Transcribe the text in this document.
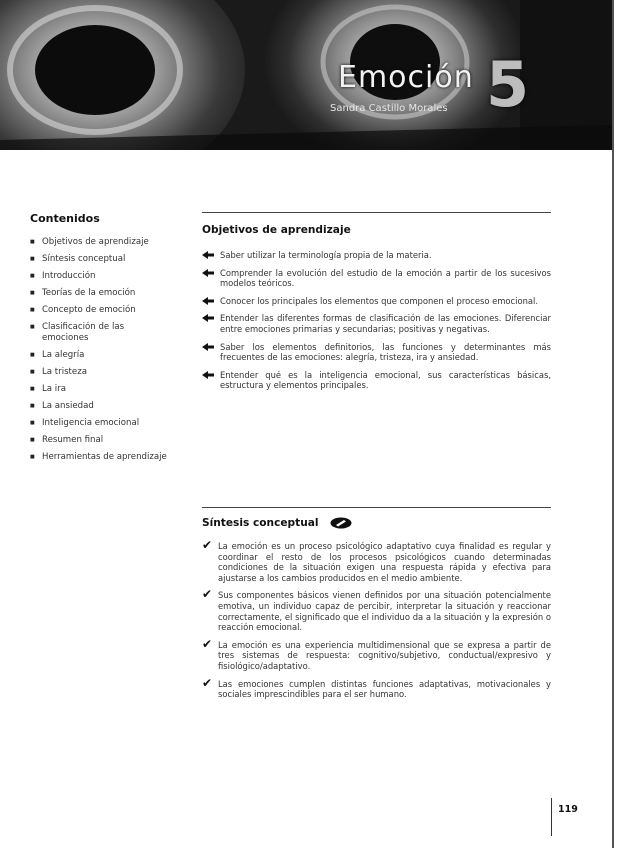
Emoción 5
Sandra Castillo Morales
Contenidos
■ Objetivos de aprendizaje
■ Síntesis conceptual
■ Introducción
■ Teorías de la emoción
■ Concepto de emoción
■ Clasificación de las emociones
■ La alegría
■ La tristeza
■ La ira
■ La ansiedad
■ Inteligencia emocional
■ Resumen final
■ Herramientas de aprendizaje
Objetivos de aprendizaje
Saber utilizar la terminología propia de la materia.
Comprender la evolución del estudio de la emoción a partir de los sucesivos modelos teóricos.
Conocer los principales los elementos que componen el proceso emocional.
Entender las diferentes formas de clasificación de las emociones. Diferenciar entre emociones primarias y secundarias; positivas y negativas.
Saber los elementos definitorios, las funciones y determinantes más frecuentes de las emociones: alegría, tristeza, ira y ansiedad.
Entender qué es la inteligencia emocional, sus características básicas, estructura y elementos principales.
Síntesis conceptual
✔ La emoción es un proceso psicológico adaptativo cuya finalidad es regular y coordinar el resto de los procesos psicológicos cuando determinadas condiciones de la situación exigen una respuesta rápida y efectiva para ajustarse a los cambios producidos en el medio ambiente.
✔ Sus componentes básicos vienen definidos por una situación potencialmente emotiva, un individuo capaz de percibir, interpretar la situación y reaccionar correctamente, el significado que el individuo da a la situación y la expresión o reacción emocional.
✔ La emoción es una experiencia multidimensional que se expresa a partir de tres sistemas de respuesta: cognitivo/subjetivo, conductual/expresivo y fisiológico/adaptativo.
✔ Las emociones cumplen distintas funciones adaptativas, motivacionales y sociales imprescindibles para el ser humano.
119
